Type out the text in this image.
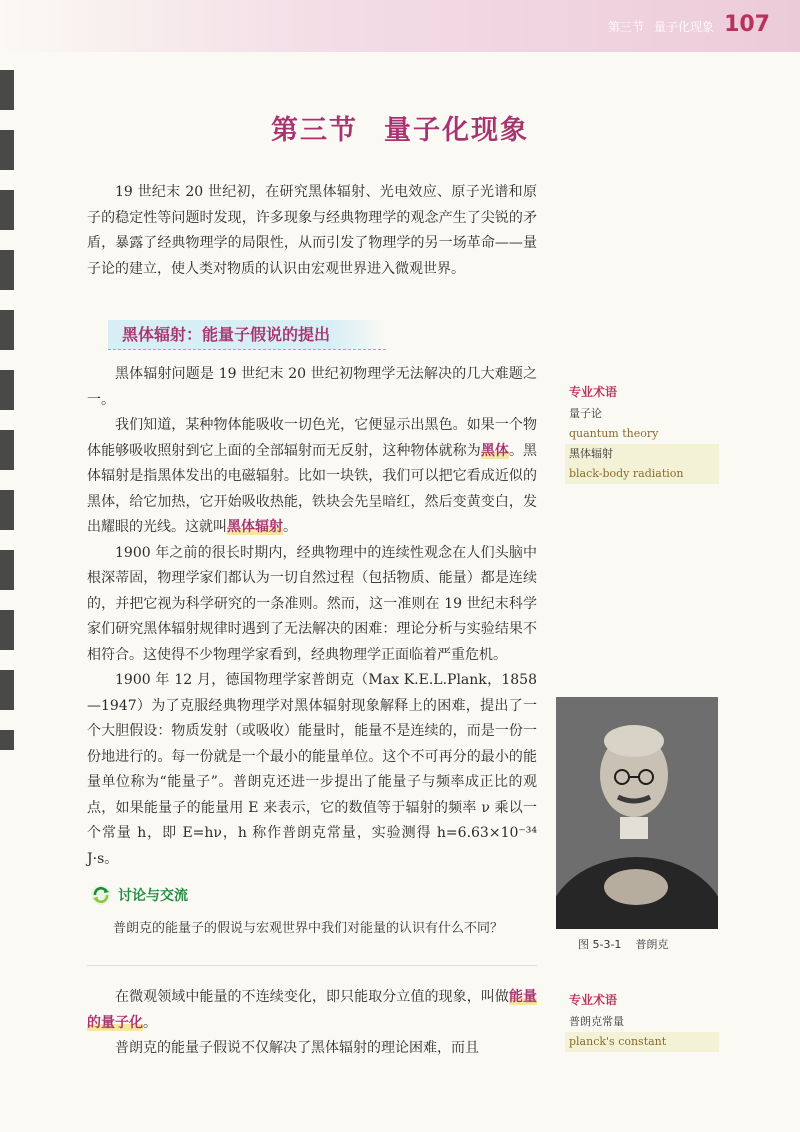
第三节 量子化现象 107
第三节 量子化现象

19 世纪末 20 世纪初，在研究黑体辐射、光电效应、原子光谱和原子的稳定性等问题时发现，许多现象与经典物理学的观念产生了尖锐的矛盾，暴露了经典物理学的局限性，从而引发了物理学的另一场革命——量子论的建立，使人类对物质的认识由宏观世界进入微观世界。

黑体辐射：能量子假说的提出

黑体辐射问题是 19 世纪末 20 世纪初物理学无法解决的几大难题之一。

我们知道，某种物体能吸收一切色光，它便显示出黑色。如果一个物体能够吸收照射到它上面的全部辐射而无反射，这种物体就称为黑体。黑体辐射是指黑体发出的电磁辐射。比如一块铁，我们可以把它看成近似的黑体，给它加热，它开始吸收热能，铁块会先呈暗红，然后变黄变白，发出耀眼的光线。这就叫黑体辐射。

1900 年之前的很长时期内，经典物理中的连续性观念在人们头脑中根深蒂固，物理学家们都认为一切自然过程（包括物质、能量）都是连续的，并把它视为科学研究的一条准则。然而，这一准则在 19 世纪末科学家们研究黑体辐射规律时遇到了无法解决的困难：理论分析与实验结果不相符合。这使得不少物理学家看到，经典物理学正面临着严重危机。

1900 年 12 月，德国物理学家普朗克（Max K.E.L.Plank，1858—1947）为了克服经典物理学对黑体辐射现象解释上的困难，提出了一个大胆假设：物质发射（或吸收）能量时，能量不是连续的，而是一份一份地进行的。每一份就是一个最小的能量单位。这个不可再分的最小的能量单位称为“能量子”。普朗克还进一步提出了能量子与频率成正比的观点，如果能量子的能量用 E 来表示，它的数值等于辐射的频率 ν 乘以一个常量 h，即 E=hν，h 称作普朗克常量，实验测得 h=6.63×10⁻³⁴ J·s。

讨论与交流
普朗克的能量子的假说与宏观世界中我们对能量的认识有什么不同？

在微观领域中能量的不连续变化，即只能取分立值的现象，叫做能量的量子化。

普朗克的能量子假说不仅解决了黑体辐射的理论困难，而且

专业术语
量子论
quantum theory
黑体辐射
black-body radiation
图 5-3-1 普朗克
专业术语
普朗克常量
planck's constant
